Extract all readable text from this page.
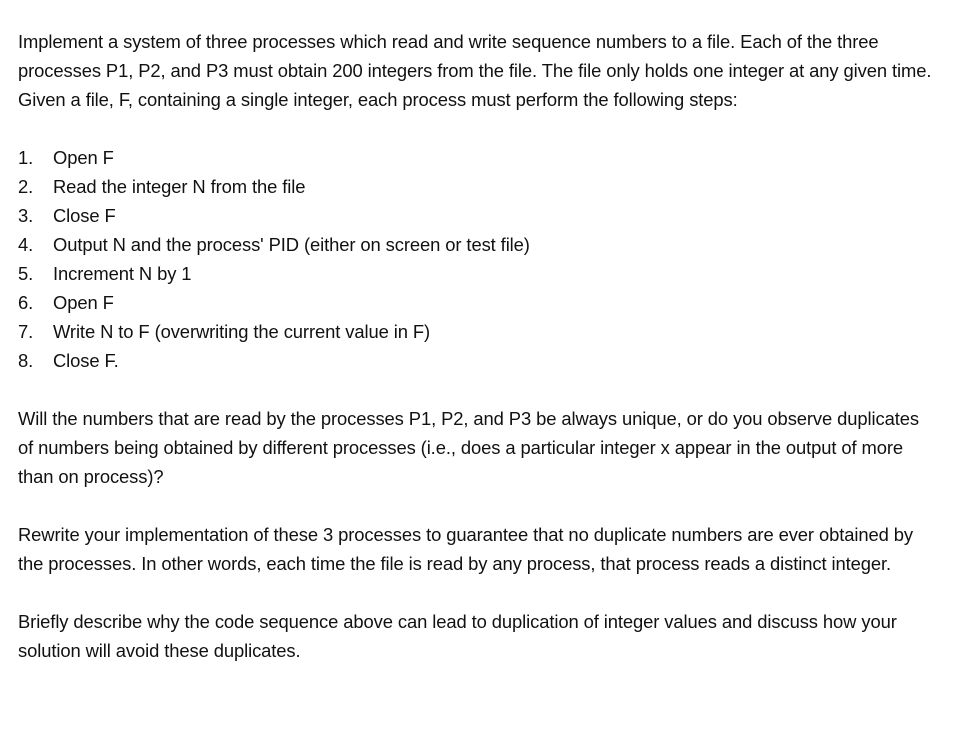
Implement a system of three processes which read and write sequence numbers to a file. Each of the three processes P1, P2, and P3 must obtain 200 integers from the file. The file only holds one integer at any given time. Given a file, F, containing a single integer, each process must perform the following steps:

1.	Open F
2.	Read the integer N from the file
3.	Close F
4.	Output N and the process' PID (either on screen or test file)
5.	Increment N by 1
6.	Open F
7.	Write N to F (overwriting the current value in F)
8.	Close F.

Will the numbers that are read by the processes P1, P2, and P3 be always unique, or do you observe duplicates of numbers being obtained by different processes (i.e., does a particular integer x appear in the output of more than on process)?

Rewrite your implementation of these 3 processes to guarantee that no duplicate numbers are ever obtained by the processes. In other words, each time the file is read by any process, that process reads a distinct integer.

Briefly describe why the code sequence above can lead to duplication of integer values and discuss how your solution will avoid these duplicates.
